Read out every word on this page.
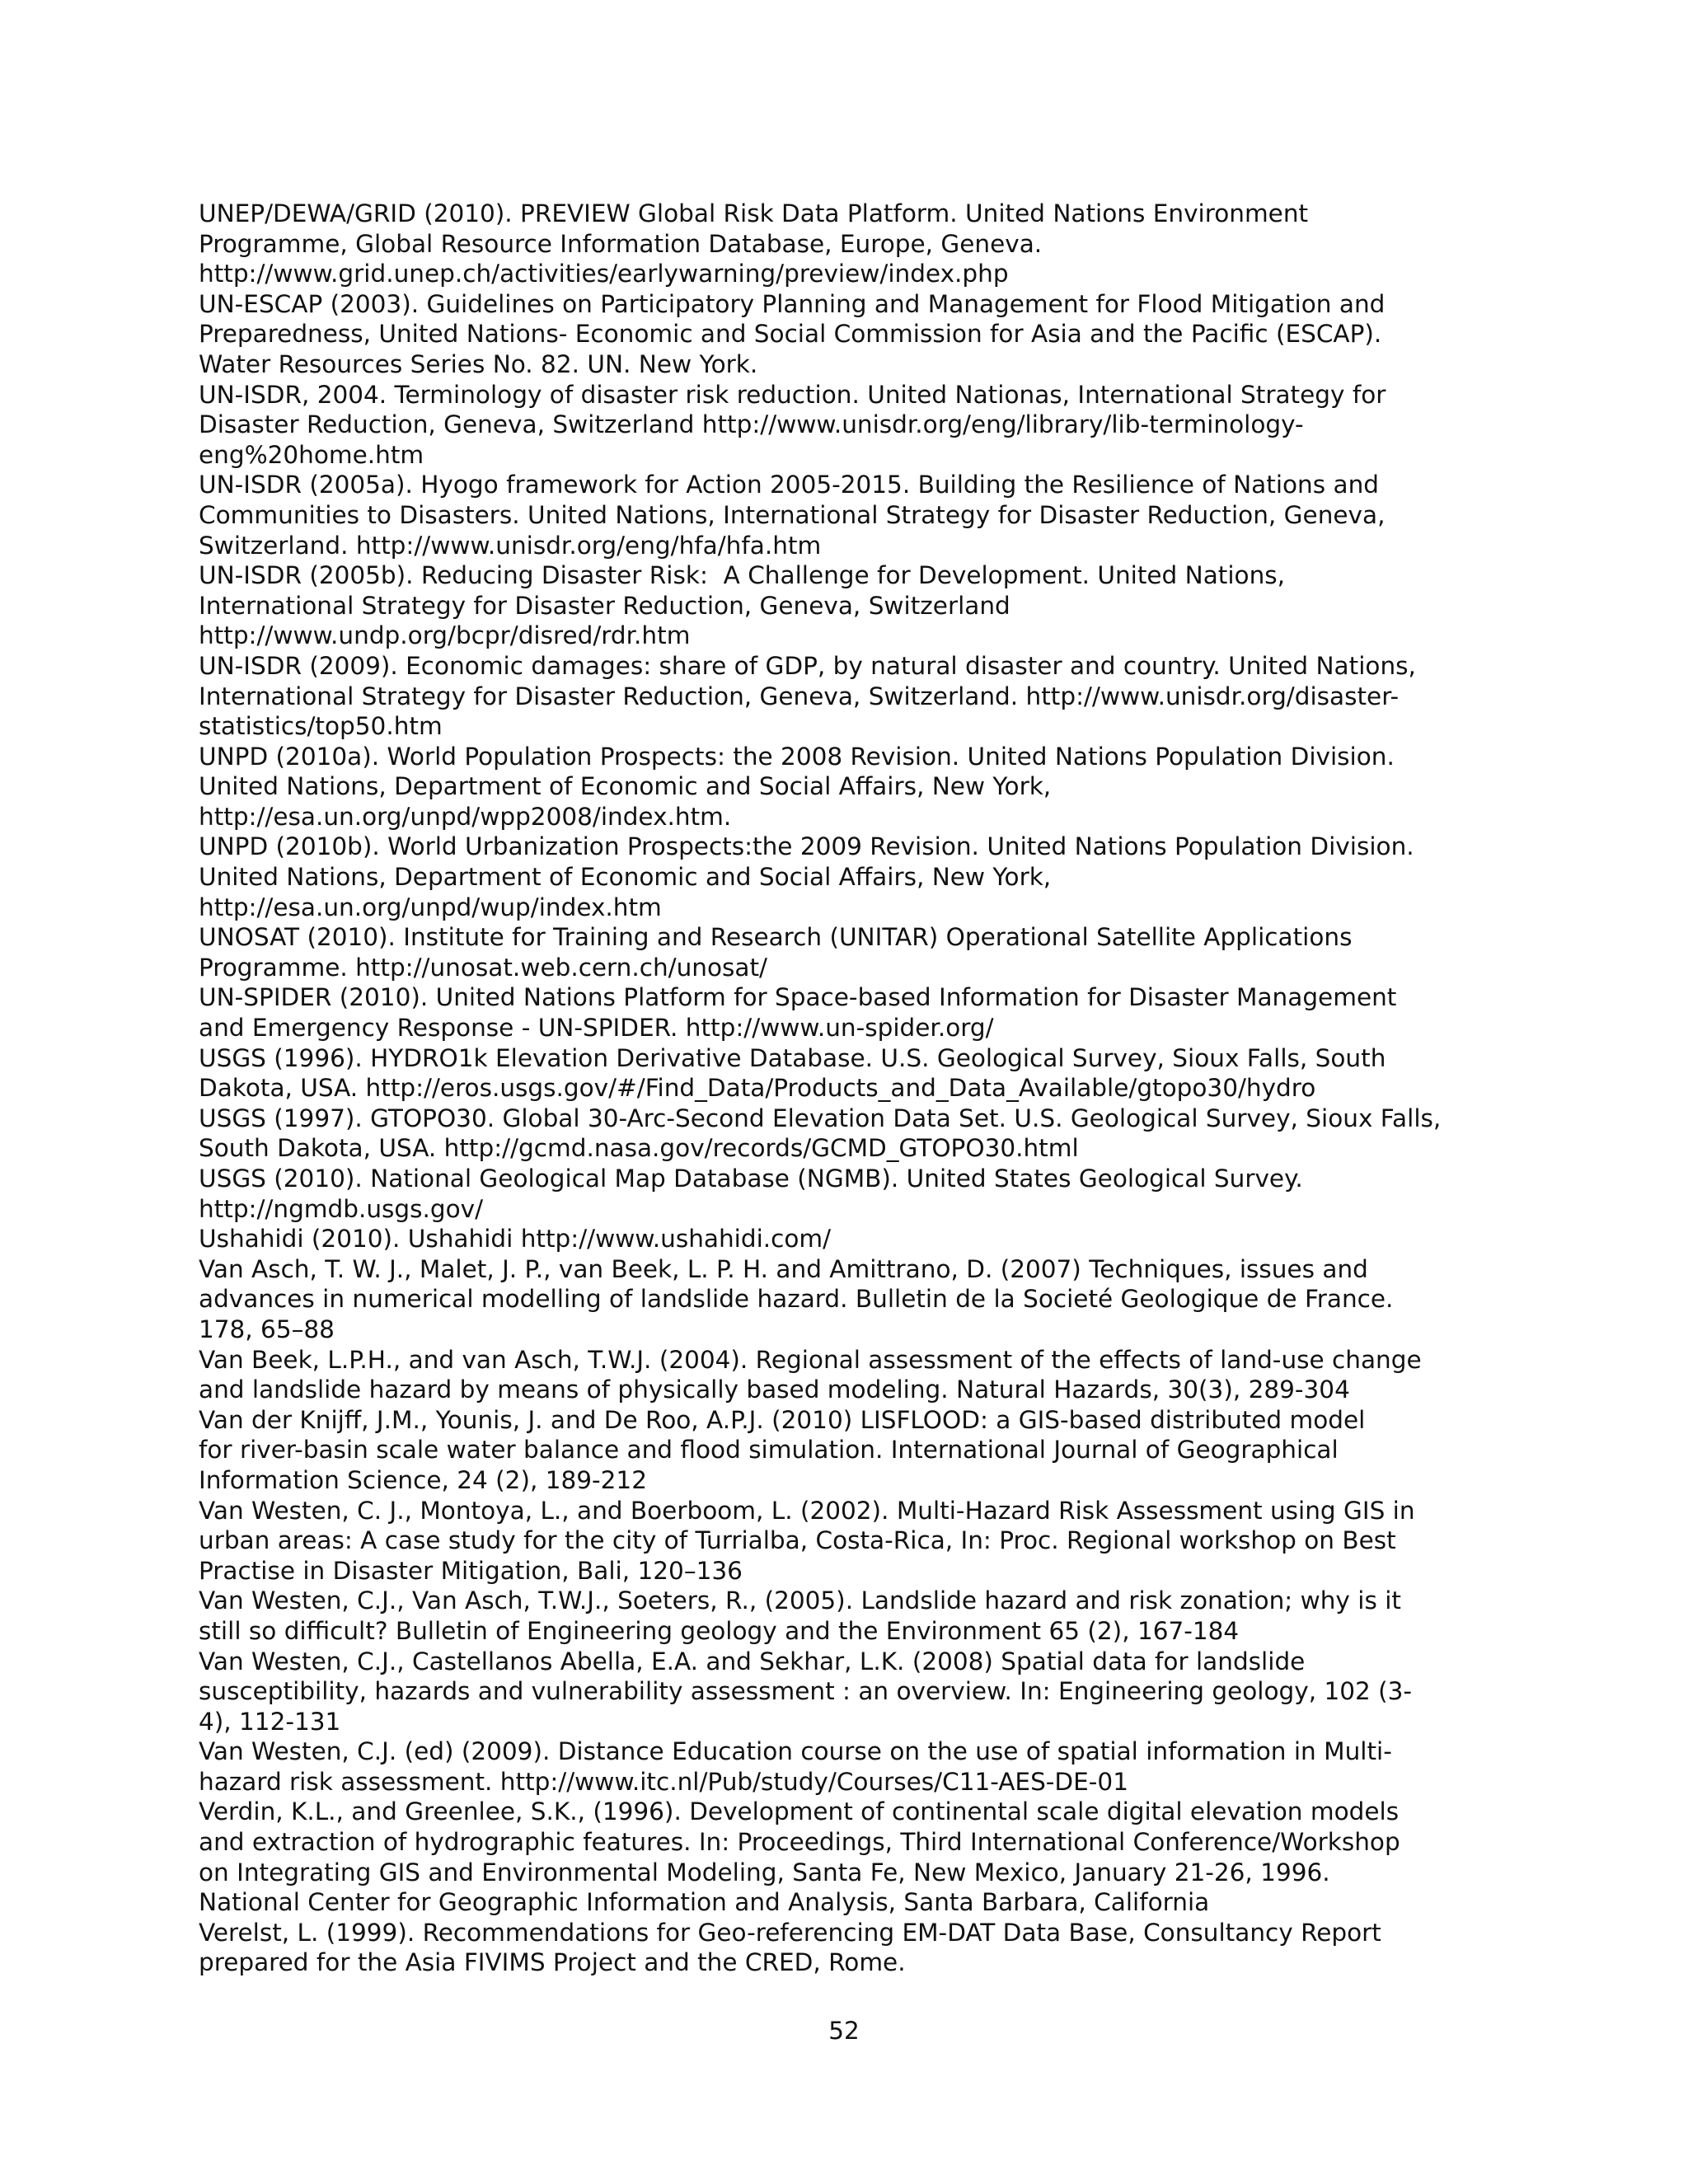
UNEP/DEWA/GRID (2010). PREVIEW Global Risk Data Platform. United Nations Environment
Programme, Global Resource Information Database, Europe, Geneva.
http://www.grid.unep.ch/activities/earlywarning/preview/index.php
UN-ESCAP (2003). Guidelines on Participatory Planning and Management for Flood Mitigation and
Preparedness, United Nations- Economic and Social Commission for Asia and the Pacific (ESCAP).
Water Resources Series No. 82. UN. New York.
UN-ISDR, 2004. Terminology of disaster risk reduction. United Nationas, International Strategy for
Disaster Reduction, Geneva, Switzerland http://www.unisdr.org/eng/library/lib-terminology-
eng%20home.htm
UN-ISDR (2005a). Hyogo framework for Action 2005-2015. Building the Resilience of Nations and
Communities to Disasters. United Nations, International Strategy for Disaster Reduction, Geneva,
Switzerland. http://www.unisdr.org/eng/hfa/hfa.htm
UN-ISDR (2005b). Reducing Disaster Risk:  A Challenge for Development. United Nations,
International Strategy for Disaster Reduction, Geneva, Switzerland
http://www.undp.org/bcpr/disred/rdr.htm
UN-ISDR (2009). Economic damages: share of GDP, by natural disaster and country. United Nations,
International Strategy for Disaster Reduction, Geneva, Switzerland. http://www.unisdr.org/disaster-
statistics/top50.htm
UNPD (2010a). World Population Prospects: the 2008 Revision. United Nations Population Division.
United Nations, Department of Economic and Social Affairs, New York,
http://esa.un.org/unpd/wpp2008/index.htm.
UNPD (2010b). World Urbanization Prospects:the 2009 Revision. United Nations Population Division.
United Nations, Department of Economic and Social Affairs, New York,
http://esa.un.org/unpd/wup/index.htm
UNOSAT (2010). Institute for Training and Research (UNITAR) Operational Satellite Applications
Programme. http://unosat.web.cern.ch/unosat/
UN-SPIDER (2010). United Nations Platform for Space-based Information for Disaster Management
and Emergency Response - UN-SPIDER. http://www.un-spider.org/
USGS (1996). HYDRO1k Elevation Derivative Database. U.S. Geological Survey, Sioux Falls, South
Dakota, USA. http://eros.usgs.gov/#/Find_Data/Products_and_Data_Available/gtopo30/hydro
USGS (1997). GTOPO30. Global 30-Arc-Second Elevation Data Set. U.S. Geological Survey, Sioux Falls,
South Dakota, USA. http://gcmd.nasa.gov/records/GCMD_GTOPO30.html
USGS (2010). National Geological Map Database (NGMB). United States Geological Survey.
http://ngmdb.usgs.gov/
Ushahidi (2010). Ushahidi http://www.ushahidi.com/
Van Asch, T. W. J., Malet, J. P., van Beek, L. P. H. and Amittrano, D. (2007) Techniques, issues and
advances in numerical modelling of landslide hazard. Bulletin de la Societé Geologique de France.
178, 65–88
Van Beek, L.P.H., and van Asch, T.W.J. (2004). Regional assessment of the effects of land-use change
and landslide hazard by means of physically based modeling. Natural Hazards, 30(3), 289-304
Van der Knijff, J.M., Younis, J. and De Roo, A.P.J. (2010) LISFLOOD: a GIS-based distributed model
for river-basin scale water balance and flood simulation. International Journal of Geographical
Information Science, 24 (2), 189-212
Van Westen, C. J., Montoya, L., and Boerboom, L. (2002). Multi-Hazard Risk Assessment using GIS in
urban areas: A case study for the city of Turrialba, Costa-Rica, In: Proc. Regional workshop on Best
Practise in Disaster Mitigation, Bali, 120–136
Van Westen, C.J., Van Asch, T.W.J., Soeters, R., (2005). Landslide hazard and risk zonation; why is it
still so difficult? Bulletin of Engineering geology and the Environment 65 (2), 167-184
Van Westen, C.J., Castellanos Abella, E.A. and Sekhar, L.K. (2008) Spatial data for landslide
susceptibility, hazards and vulnerability assessment : an overview. In: Engineering geology, 102 (3-
4), 112-131
Van Westen, C.J. (ed) (2009). Distance Education course on the use of spatial information in Multi-
hazard risk assessment. http://www.itc.nl/Pub/study/Courses/C11-AES-DE-01
Verdin, K.L., and Greenlee, S.K., (1996). Development of continental scale digital elevation models
and extraction of hydrographic features. In: Proceedings, Third International Conference/Workshop
on Integrating GIS and Environmental Modeling, Santa Fe, New Mexico, January 21-26, 1996.
National Center for Geographic Information and Analysis, Santa Barbara, California
Verelst, L. (1999). Recommendations for Geo-referencing EM-DAT Data Base, Consultancy Report
prepared for the Asia FIVIMS Project and the CRED, Rome.
52
